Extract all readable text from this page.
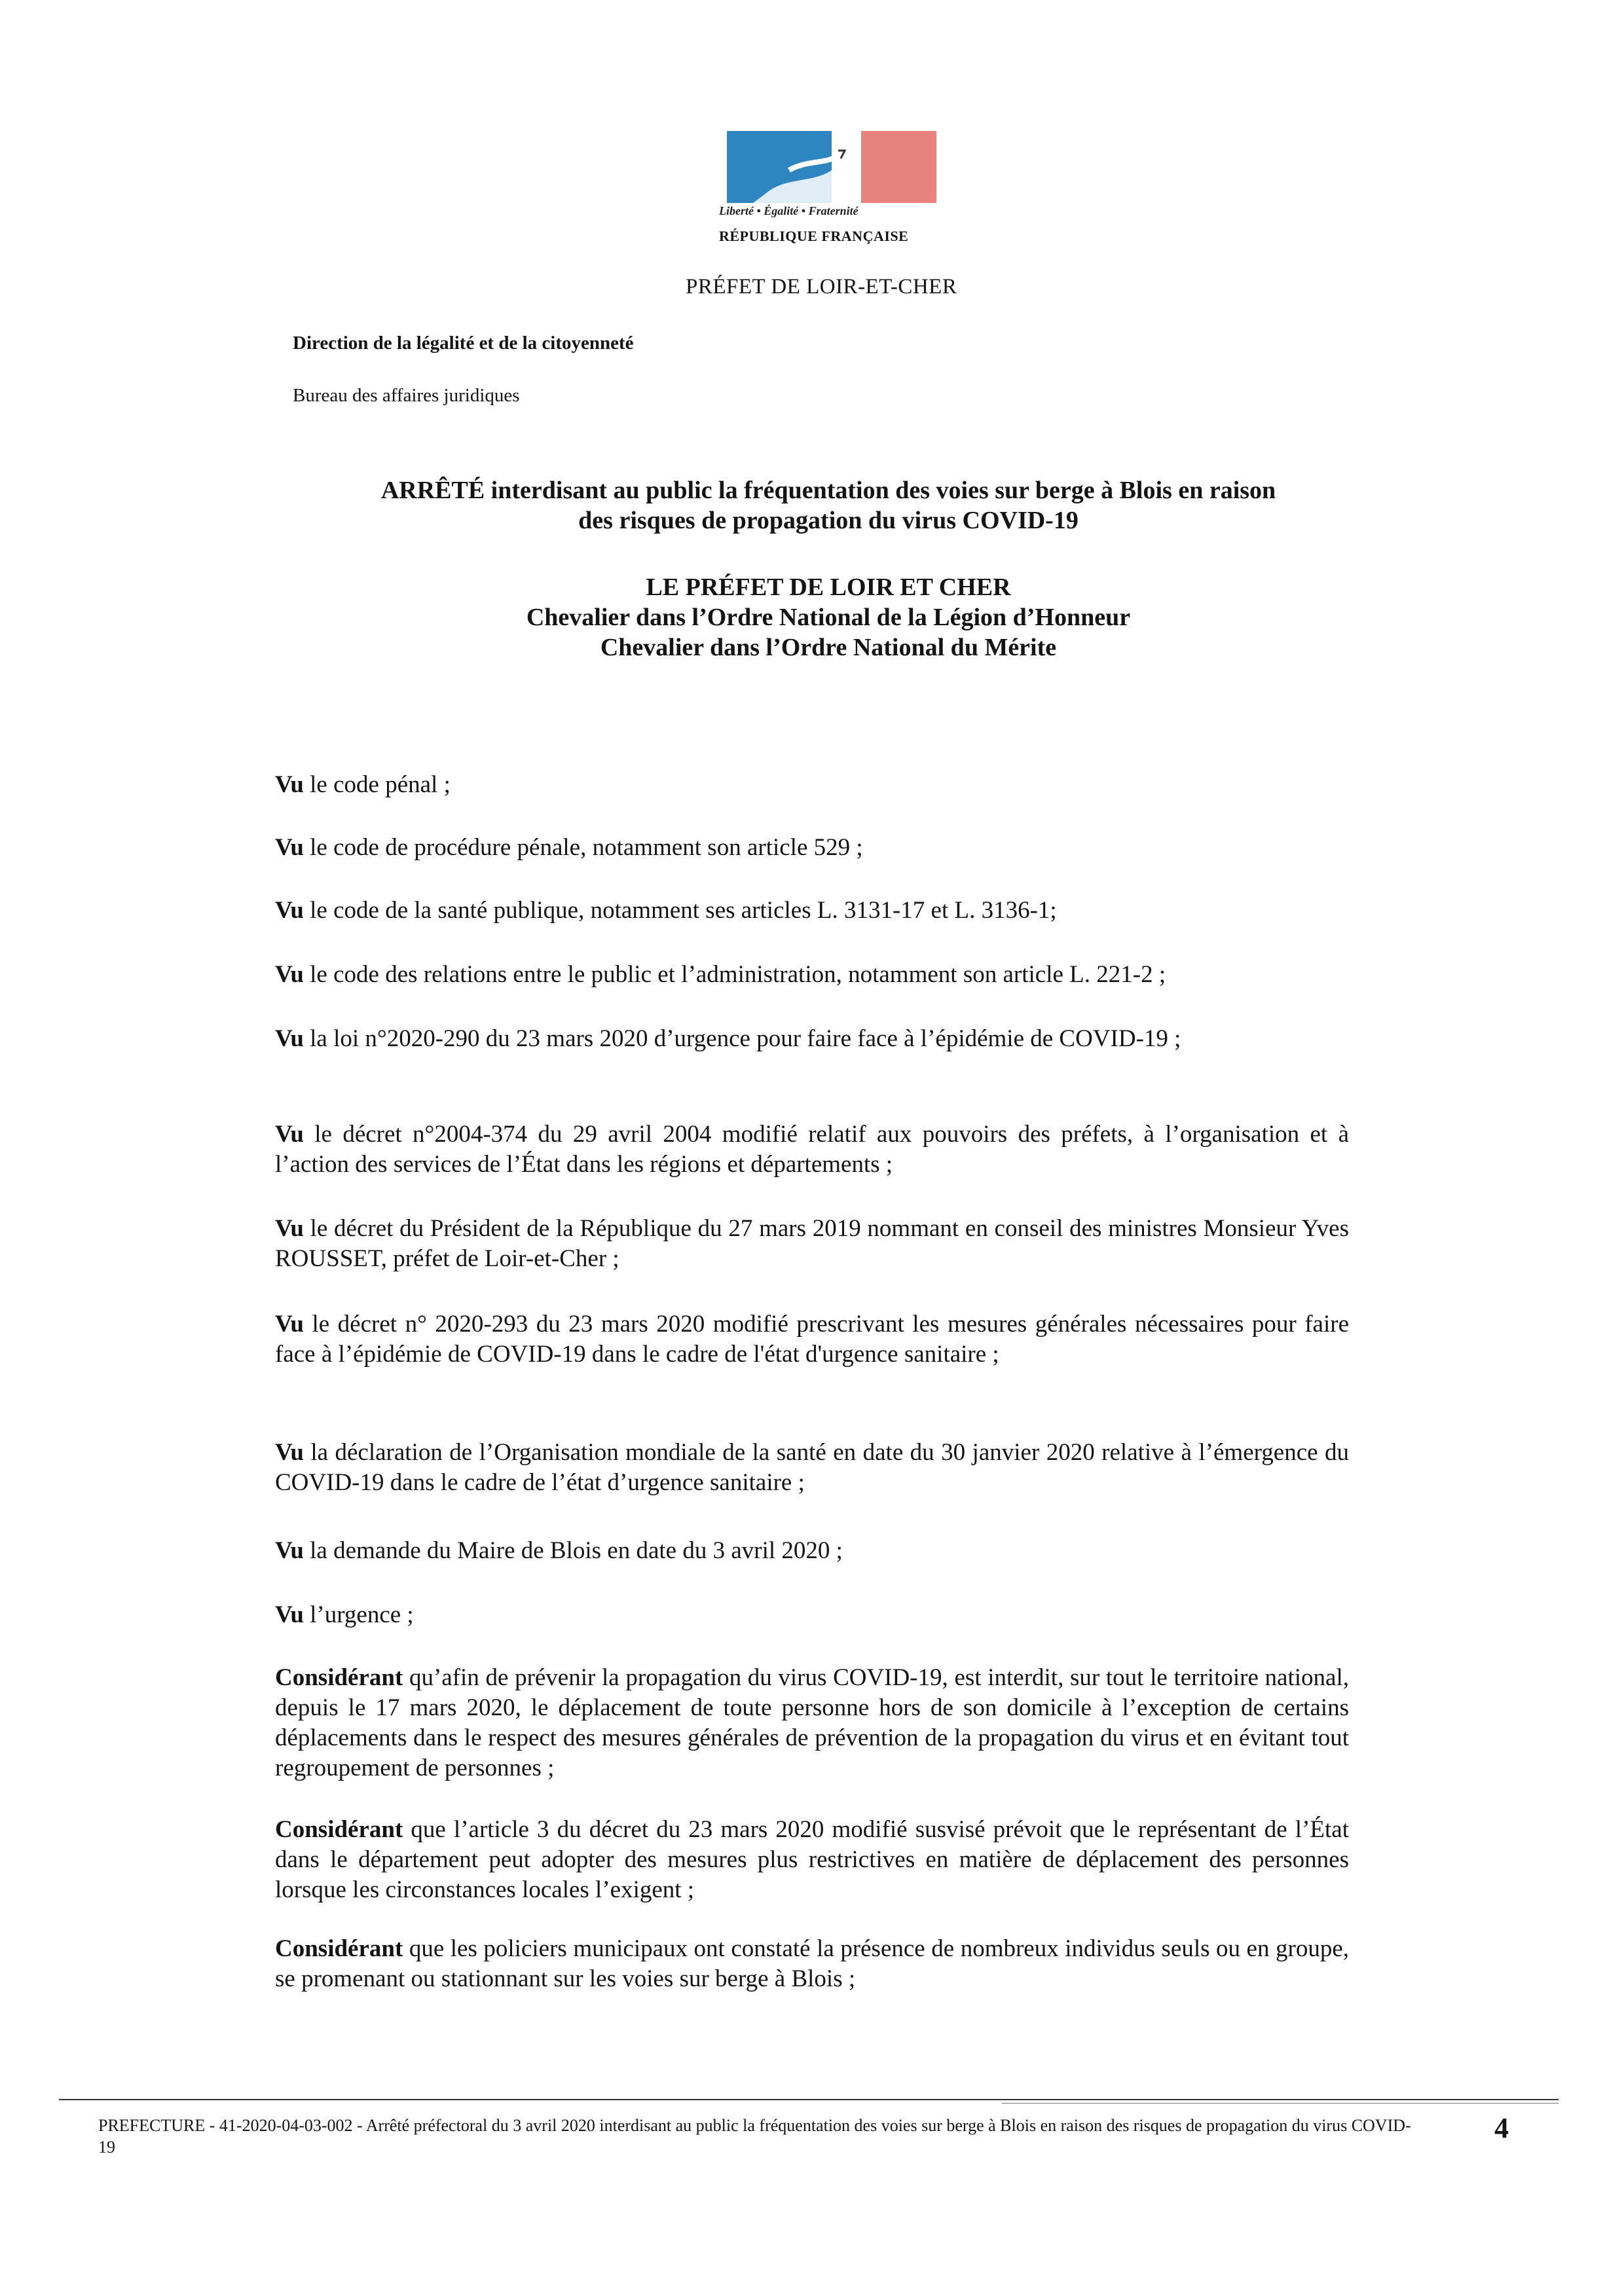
Liberté • Égalité • Fraternité
RÉPUBLIQUE FRANÇAISE
PRÉFET DE LOIR-ET-CHER
Direction de la légalité et de la citoyenneté
Bureau des affaires juridiques
ARRÊTÉ interdisant au public la fréquentation des voies sur berge à Blois en raison
des risques de propagation du virus COVID-19
LE PRÉFET DE LOIR ET CHER
Chevalier dans l’Ordre National de la Légion d’Honneur
Chevalier dans l’Ordre National du Mérite

Vu le code pénal ;

Vu le code de procédure pénale, notamment son article 529 ;

Vu le code de la santé publique, notamment ses articles L. 3131-17 et L. 3136-1;

Vu le code des relations entre le public et l’administration, notamment son article L. 221-2 ;

Vu la loi n°2020-290 du 23 mars 2020 d’urgence pour faire face à l’épidémie de COVID-19 ;

Vu le décret n°2004-374 du 29 avril 2004 modifié relatif aux pouvoirs des préfets, à l’organisation et à l’action des services de l’État dans les régions et départements ;

Vu le décret du Président de la République du 27 mars 2019 nommant en conseil des ministres Monsieur Yves ROUSSET, préfet de Loir-et-Cher ;

Vu le décret n° 2020-293 du 23 mars 2020 modifié prescrivant les mesures générales nécessaires pour faire face à l’épidémie de COVID-19 dans le cadre de l'état d'urgence sanitaire ;

Vu la déclaration de l’Organisation mondiale de la santé en date du 30 janvier 2020 relative à l’émergence du COVID-19 dans le cadre de l’état d’urgence sanitaire ;

Vu la demande du Maire de Blois en date du 3 avril 2020 ;

Vu l’urgence ;

Considérant qu’afin de prévenir la propagation du virus COVID-19, est interdit, sur tout le territoire national, depuis le 17 mars 2020, le déplacement de toute personne hors de son domicile à l’exception de certains déplacements dans le respect des mesures générales de prévention de la propagation du virus et en évitant tout regroupement de personnes ;

Considérant que l’article 3 du décret du 23 mars 2020 modifié susvisé prévoit que le représentant de l’État dans le département peut adopter des mesures plus restrictives en matière de déplacement des personnes lorsque les circonstances locales l’exigent ;

Considérant que les policiers municipaux ont constaté la présence de nombreux individus seuls ou en groupe, se promenant ou stationnant sur les voies sur berge à Blois ;

PREFECTURE - 41-2020-04-03-002 - Arrêté préfectoral du 3 avril 2020 interdisant au public la fréquentation des voies sur berge à Blois en raison des risques de propagation du virus COVID-19
4
